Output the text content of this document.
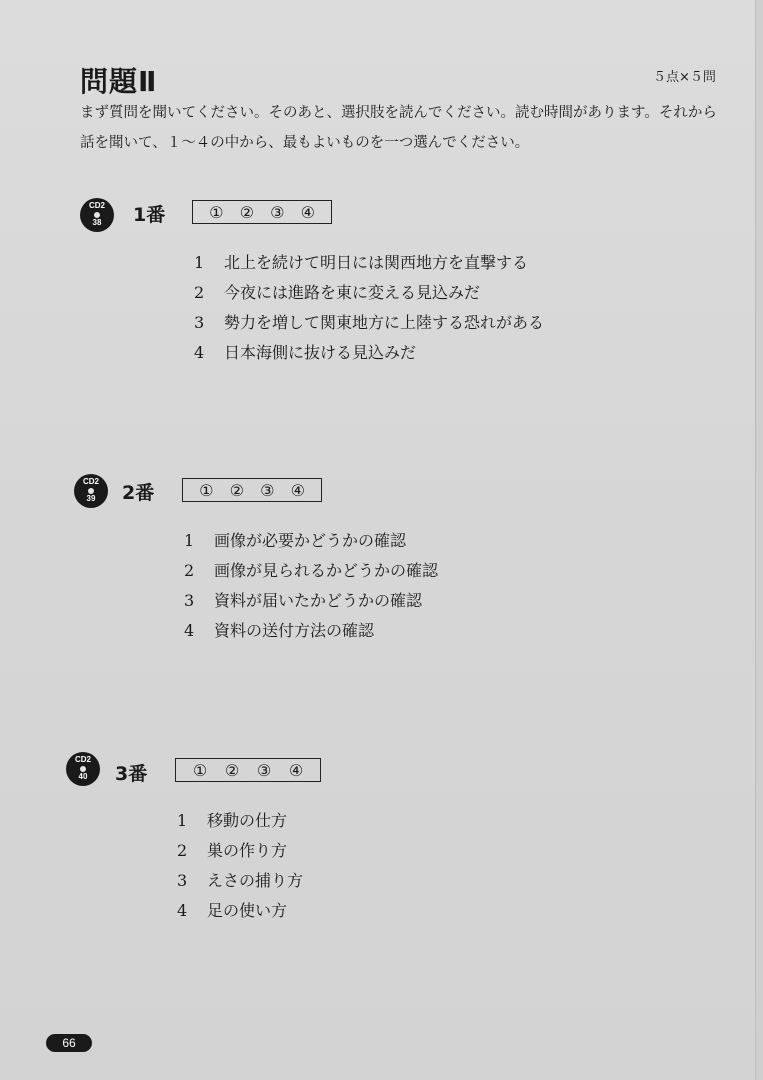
問題Ⅱ	５点×５問
まず質問を聞いてください。そのあと、選択肢を読んでください。読む時間があります。それから話を聞いて、１～４の中から、最もよいものを一つ選んでください。
CD2
38	1番	① ② ③ ④
1 北上を続けて明日には関西地方を直撃する
2 今夜には進路を東に変える見込みだ
3 勢力を増して関東地方に上陸する恐れがある
4 日本海側に抜ける見込みだ
CD2
39	2番	① ② ③ ④
1 画像が必要かどうかの確認
2 画像が見られるかどうかの確認
3 資料が届いたかどうかの確認
4 資料の送付方法の確認
CD2
40	3番	① ② ③ ④
1 移動の仕方
2 巣の作り方
3 えさの捕り方
4 足の使い方
66
